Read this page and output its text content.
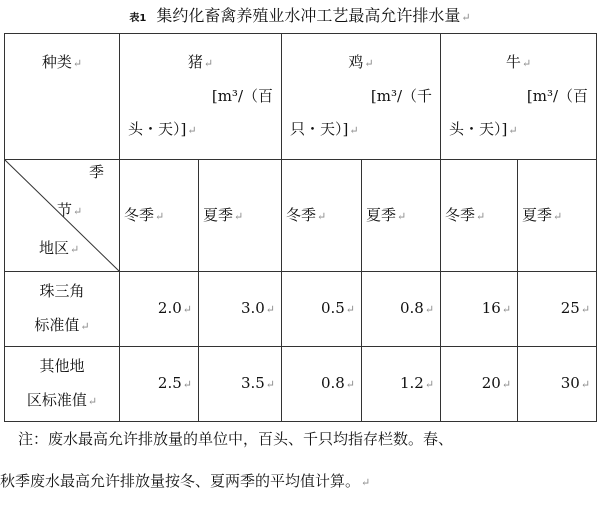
表1 集约化畜禽养殖业水冲工艺最高允许排水量↵
种类↵	猪↵
[m³/（百
头・天）]↵		鸡↵
[m³/（千
只・天）]↵		牛↵
[m³/（百
头・天）]↵	

季
节↵
地区↵	冬季↵	夏季↵	冬季↵	夏季↵	冬季↵	夏季↵

珠三角
标准值↵	2.0↵	3.0↵	0.5↵	0.8↵	16↵	25↵

其他地
区标准值↵	2.5↵	3.5↵	0.8↵	1.2↵	20↵	30↵
注：废水最高允许排放量的单位中，百头、千只均指存栏数。春、
秋季废水最高允许排放量按冬、夏两季的平均值计算。↵
